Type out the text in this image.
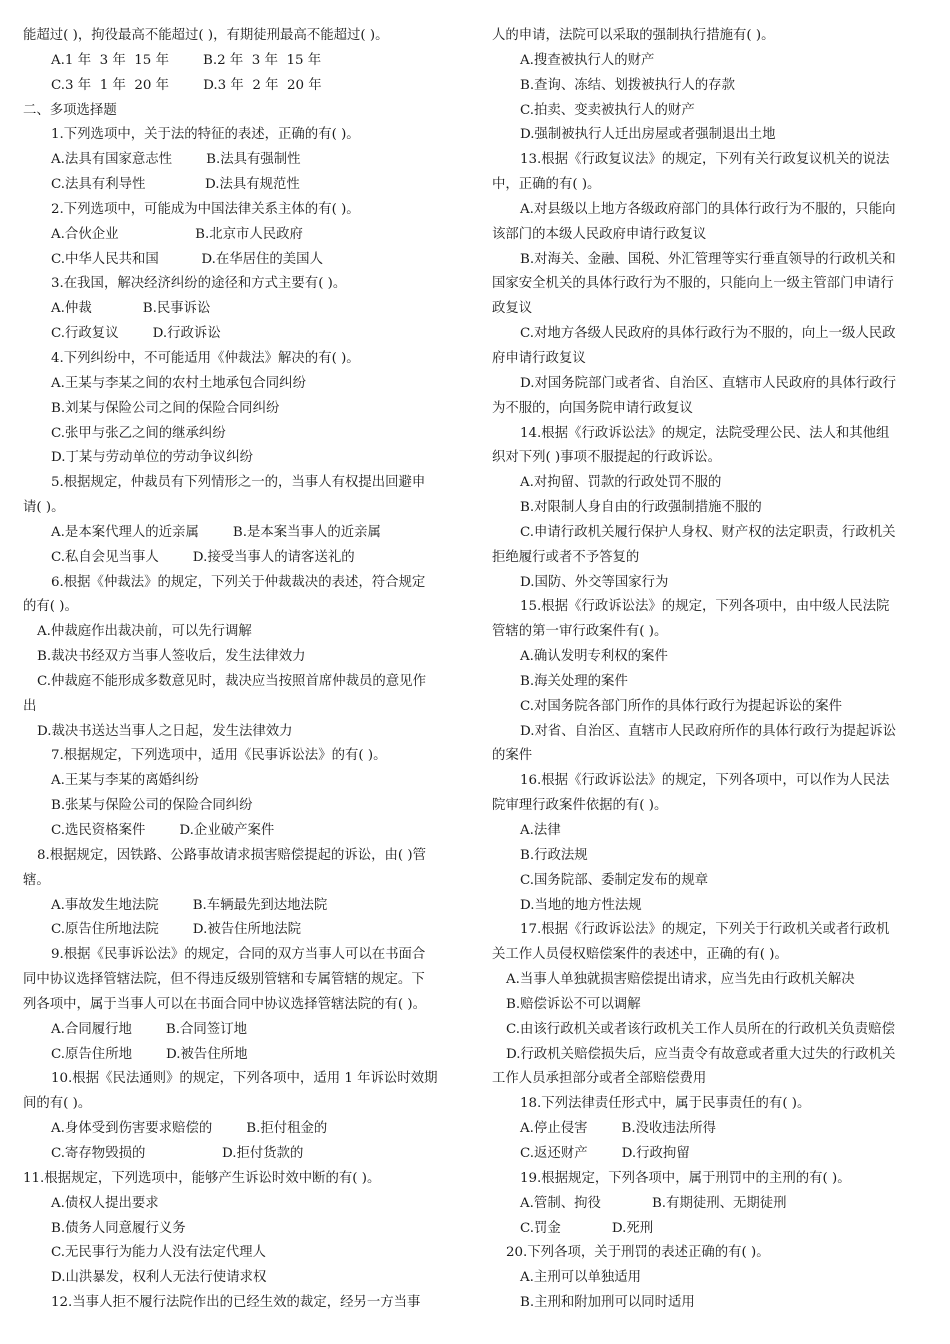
能超过( )，拘役最高不能超过( )，有期徒刑最高不能超过( )。
A.1 年  3 年  15 年        B.2 年  3 年  15 年
C.3 年  1 年  20 年        D.3 年  2 年  20 年
二、多项选择题
1.下列选项中，关于法的特征的表述，正确的有( )。
A.法具有国家意志性        B.法具有强制性
C.法具有利导性              D.法具有规范性
2.下列选项中，可能成为中国法律关系主体的有( )。
A.合伙企业                  B.北京市人民政府
C.中华人民共和国          D.在华居住的美国人
3.在我国，解决经济纠纷的途径和方式主要有( )。
A.仲裁            B.民事诉讼
C.行政复议        D.行政诉讼
4.下列纠纷中，不可能适用《仲裁法》解决的有( )。
A.王某与李某之间的农村土地承包合同纠纷
B.刘某与保险公司之间的保险合同纠纷
C.张甲与张乙之间的继承纠纷
D.丁某与劳动单位的劳动争议纠纷
5.根据规定，仲裁员有下列情形之一的，当事人有权提出回避申
请( )。
A.是本案代理人的近亲属        B.是本案当事人的近亲属
C.私自会见当事人        D.接受当事人的请客送礼的
6.根据《仲裁法》的规定，下列关于仲裁裁决的表述，符合规定
的有( )。
A.仲裁庭作出裁决前，可以先行调解
B.裁决书经双方当事人签收后，发生法律效力
C.仲裁庭不能形成多数意见时，裁决应当按照首席仲裁员的意见作
出
D.裁决书送达当事人之日起，发生法律效力
7.根据规定，下列选项中，适用《民事诉讼法》的有( )。
A.王某与李某的离婚纠纷
B.张某与保险公司的保险合同纠纷
C.选民资格案件        D.企业破产案件
8.根据规定，因铁路、公路事故请求损害赔偿提起的诉讼，由( )管
辖。
A.事故发生地法院        B.车辆最先到达地法院
C.原告住所地法院        D.被告住所地法院
9.根据《民事诉讼法》的规定，合同的双方当事人可以在书面合
同中协议选择管辖法院，但不得违反级别管辖和专属管辖的规定。下
列各项中，属于当事人可以在书面合同中协议选择管辖法院的有( )。
A.合同履行地        B.合同签订地
C.原告住所地        D.被告住所地
10.根据《民法通则》的规定，下列各项中，适用 1 年诉讼时效期
间的有( )。
A.身体受到伤害要求赔偿的        B.拒付租金的
C.寄存物毁损的                  D.拒付货款的
11.根据规定，下列选项中，能够产生诉讼时效中断的有( )。
A.债权人提出要求
B.债务人同意履行义务
C.无民事行为能力人没有法定代理人
D.山洪暴发，权利人无法行使请求权
12.当事人拒不履行法院作出的已经生效的裁定，经另一方当事
人的申请，法院可以采取的强制执行措施有( )。
A.搜查被执行人的财产
B.查询、冻结、划拨被执行人的存款
C.拍卖、变卖被执行人的财产
D.强制被执行人迁出房屋或者强制退出土地
13.根据《行政复议法》的规定，下列有关行政复议机关的说法
中，正确的有( )。
A.对县级以上地方各级政府部门的具体行政行为不服的，只能向
该部门的本级人民政府申请行政复议
B.对海关、金融、国税、外汇管理等实行垂直领导的行政机关和
国家安全机关的具体行政行为不服的，只能向上一级主管部门申请行
政复议
C.对地方各级人民政府的具体行政行为不服的，向上一级人民政
府申请行政复议
D.对国务院部门或者省、自治区、直辖市人民政府的具体行政行
为不服的，向国务院申请行政复议
14.根据《行政诉讼法》的规定，法院受理公民、法人和其他组
织对下列( )事项不服提起的行政诉讼。
A.对拘留、罚款的行政处罚不服的
B.对限制人身自由的行政强制措施不服的
C.申请行政机关履行保护人身权、财产权的法定职责，行政机关
拒绝履行或者不予答复的
D.国防、外交等国家行为
15.根据《行政诉讼法》的规定，下列各项中，由中级人民法院
管辖的第一审行政案件有( )。
A.确认发明专利权的案件
B.海关处理的案件
C.对国务院各部门所作的具体行政行为提起诉讼的案件
D.对省、自治区、直辖市人民政府所作的具体行政行为提起诉讼
的案件
16.根据《行政诉讼法》的规定，下列各项中，可以作为人民法
院审理行政案件依据的有( )。
A.法律
B.行政法规
C.国务院部、委制定发布的规章
D.当地的地方性法规
17.根据《行政诉讼法》的规定，下列关于行政机关或者行政机
关工作人员侵权赔偿案件的表述中，正确的有( )。
A.当事人单独就损害赔偿提出请求，应当先由行政机关解决
B.赔偿诉讼不可以调解
C.由该行政机关或者该行政机关工作人员所在的行政机关负责赔偿
D.行政机关赔偿损失后，应当责令有故意或者重大过失的行政机关
工作人员承担部分或者全部赔偿费用
18.下列法律责任形式中，属于民事责任的有( )。
A.停止侵害        B.没收违法所得
C.返还财产        D.行政拘留
19.根据规定，下列各项中，属于刑罚中的主刑的有( )。
A.管制、拘役            B.有期徒刑、无期徒刑
C.罚金            D.死刑
20.下列各项，关于刑罚的表述正确的有( )。
A.主刑可以单独适用
B.主刑和附加刑可以同时适用
